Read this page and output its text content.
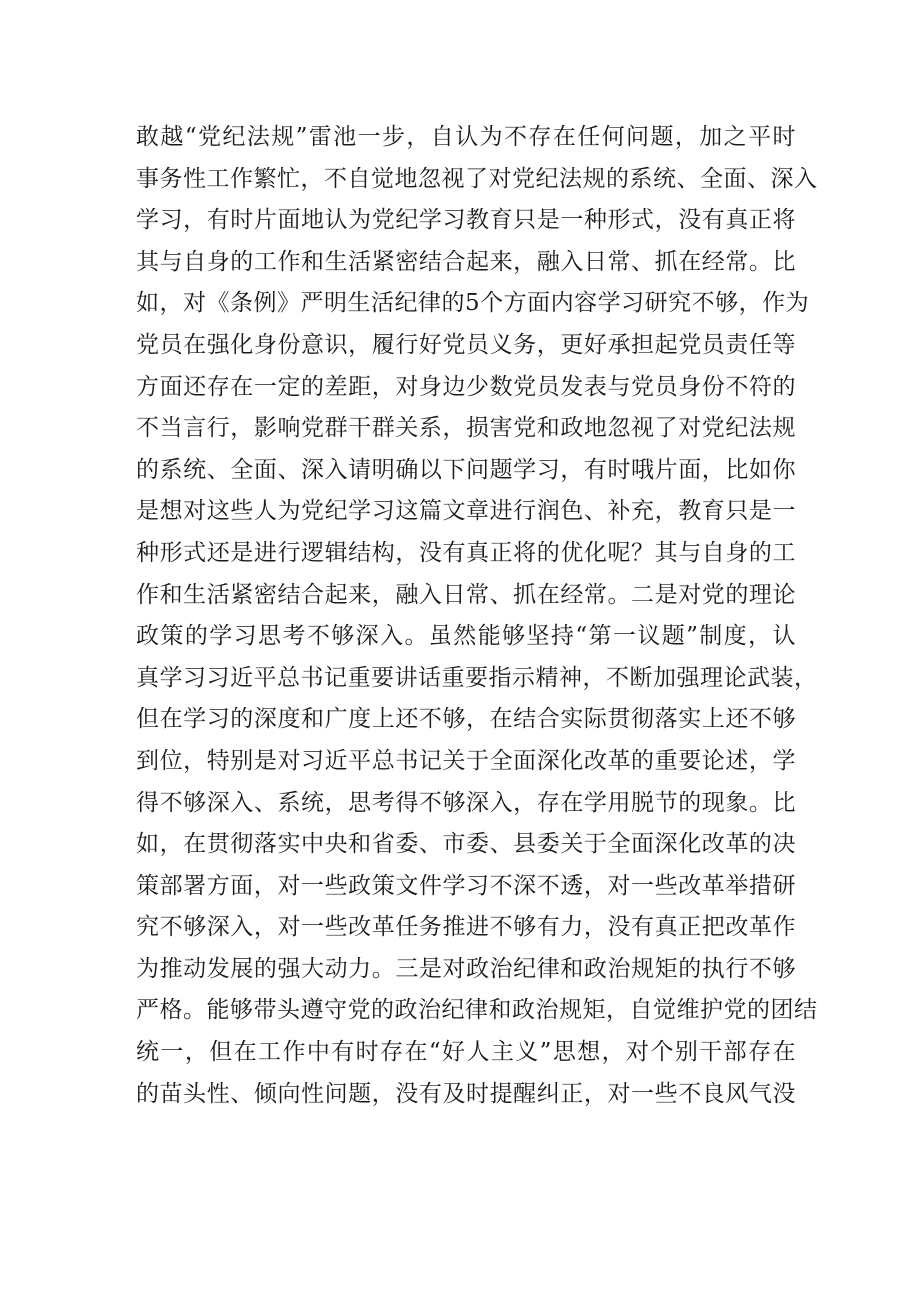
敢越“党纪法规”雷池一步，自认为不存在任何问题，加之平时
事务性工作繁忙，不自觉地忽视了对党纪法规的系统、全面、深入
学习，有时片面地认为党纪学习教育只是一种形式，没有真正将
其与自身的工作和生活紧密结合起来，融入日常、抓在经常。比
如，对《条例》严明生活纪律的5个方面内容学习研究不够，作为
党员在强化身份意识，履行好党员义务，更好承担起党员责任等
方面还存在一定的差距，对身边少数党员发表与党员身份不符的
不当言行，影响党群干群关系，损害党和政地忽视了对党纪法规
的系统、全面、深入请明确以下问题学习，有时哦片面，比如你
是想对这些人为党纪学习这篇文章进行润色、补充，教育只是一
种形式还是进行逻辑结构，没有真正将的优化呢？其与自身的工
作和生活紧密结合起来，融入日常、抓在经常。二是对党的理论
政策的学习思考不够深入。虽然能够坚持“第一议题”制度，认
真学习习近平总书记重要讲话重要指示精神，不断加强理论武装，
但在学习的深度和广度上还不够，在结合实际贯彻落实上还不够
到位，特别是对习近平总书记关于全面深化改革的重要论述，学
得不够深入、系统，思考得不够深入，存在学用脱节的现象。比
如，在贯彻落实中央和省委、市委、县委关于全面深化改革的决
策部署方面，对一些政策文件学习不深不透，对一些改革举措研
究不够深入，对一些改革任务推进不够有力，没有真正把改革作
为推动发展的强大动力。三是对政治纪律和政治规矩的执行不够
严格。能够带头遵守党的政治纪律和政治规矩，自觉维护党的团结
统一，但在工作中有时存在“好人主义”思想，对个别干部存在
的苗头性、倾向性问题，没有及时提醒纠正，对一些不良风气没
